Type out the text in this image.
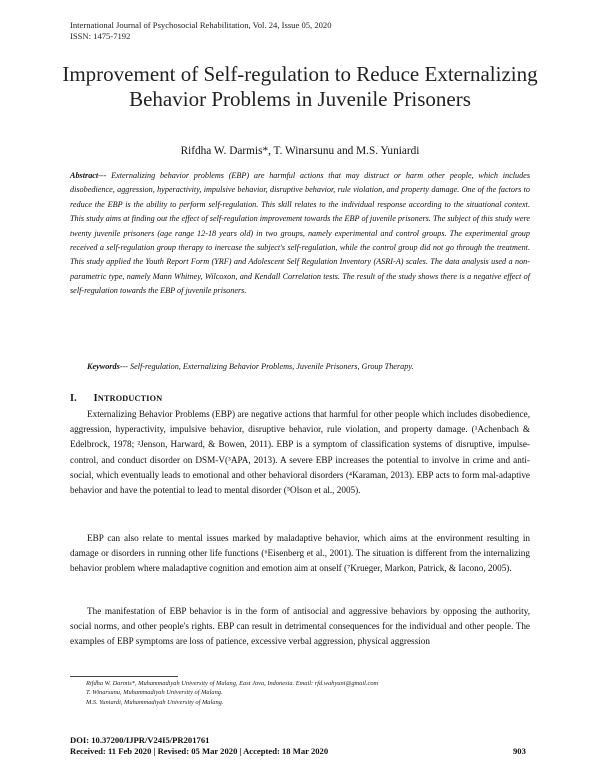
International Journal of Psychosocial Rehabilitation, Vol. 24, Issue 05, 2020
ISSN: 1475-7192
Improvement of Self-regulation to Reduce Externalizing Behavior Problems in Juvenile Prisoners
Rifdha W. Darmis*, T. Winarsunu and M.S. Yuniardi
Abstract--- Externalizing behavior problems (EBP) are harmful actions that may distruct or harm other people, which includes disobedience, aggression, hyperactivity, impulsive behavior, disruptive behavior, rule violation, and property damage. One of the factors to reduce the EBP is the ability to perform self-regulation. This skill relates to the individual response according to the situational context. This study aims at finding out the effect of self-regulation improvement towards the EBP of juvenile prisoners. The subject of this study were twenty juvenile prisoners (age range 12-18 years old) in two groups, namely experimental and control groups. The experimental group received a self-regulation group therapy to inercase the subject's self-regulation, while the control group did not go through the treatment. This study applied the Youth Report Form (YRF) and Adolescent Self Regulation Inventory (ASRI-A) scales. The data analysis used a non-parametric type, namely Mann Whitney, Wilcoxon, and Kendall Correlation tests. The result of the study shows there is a negative effect of self-regulation towards the EBP of juvenile prisoners.
Keywords--- Self-regulation, Externalizing Behavior Problems, Juvenile Prisoners, Group Therapy.
I. INTRODUCTION

Externalizing Behavior Problems (EBP) are negative actions that harmful for other people which includes disobedience, aggression, hyperactivity, impulsive behavior, disruptive behavior, rule violation, and property damage. (¹Achenbach & Edelbrock, 1978; ²Jenson, Harward, & Bowen, 2011). EBP is a symptom of classification systems of disruptive, impulse-control, and conduct disorder on DSM-V(³APA, 2013). A severe EBP increases the potential to involve in crime and anti-social, which eventually leads to emotional and other behavioral disorders (⁴Karaman, 2013). EBP acts to form mal-adaptive behavior and have the potential to lead to mental disorder (⁵Olson et al., 2005).

EBP can also relate to mental issues marked by maladaptive behavior, which aims at the environment resulting in damage or disorders in running other life functions (⁶Eisenberg et al., 2001). The situation is different from the internalizing behavior problem where maladaptive cognition and emotion aim at onself (⁷Krueger, Markon, Patrick, & Iacono, 2005).

The manifestation of EBP behavior is in the form of antisocial and aggressive behaviors by opposing the authority, social norms, and other people's rights. EBP can result in detrimental consequences for the individual and other people. The examples of EBP symptoms are loss of patience, excessive verbal aggression, physical aggression

Rifdha W. Darmis*, Muhammadiyah University of Malang, East Java, Indonesia. Email: rfd.wahyuni@gmail.com
T. Winarsunu, Muhammadiyah University of Malang.
M.S. Yuniardi, Muhammadiyah University of Malang.
DOI: 10.37200/IJPR/V24I5/PR201761
Received: 11 Feb 2020 | Revised: 05 Mar 2020 | Accepted: 18 Mar 2020	903
